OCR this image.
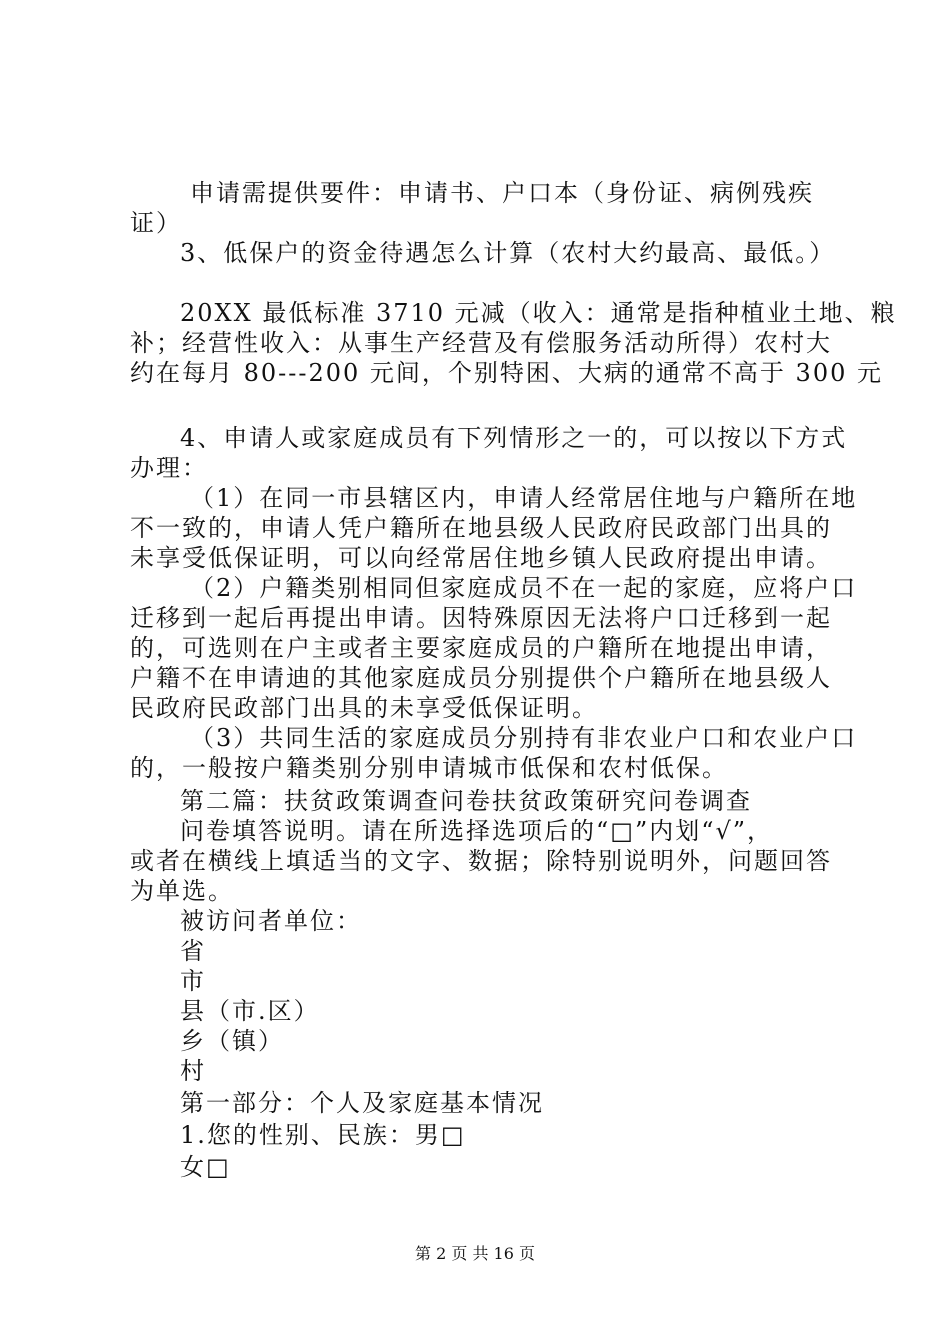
申请需提供要件：申请书、户口本（身份证、病例残疾
证）
3、低保户的资金待遇怎么计算（农村大约最高、最低。）
20XX 最低标准 3710 元减（收入：通常是指种植业土地、粮
补；经营性收入：从事生产经营及有偿服务活动所得）农村大
约在每月 80---200 元间，个别特困、大病的通常不高于 300 元
4、申请人或家庭成员有下列情形之一的，可以按以下方式
办理：
（1）在同一市县辖区内，申请人经常居住地与户籍所在地
不一致的，申请人凭户籍所在地县级人民政府民政部门出具的
未享受低保证明，可以向经常居住地乡镇人民政府提出申请。
（2）户籍类别相同但家庭成员不在一起的家庭，应将户口
迁移到一起后再提出申请。因特殊原因无法将户口迁移到一起
的，可选则在户主或者主要家庭成员的户籍所在地提出申请，
户籍不在申请迪的其他家庭成员分别提供个户籍所在地县级人
民政府民政部门出具的未享受低保证明。
（3）共同生活的家庭成员分别持有非农业户口和农业户口
的，一般按户籍类别分别申请城市低保和农村低保。
第二篇：扶贫政策调查问卷扶贫政策研究问卷调查
问卷填答说明。请在所选择选项后的“□”内划“√”，
或者在横线上填适当的文字、数据；除特别说明外，问题回答
为单选。
被访问者单位：
省
市
县（市.区）
乡（镇）
村
第一部分：个人及家庭基本情况
1.您的性别、民族：男□
女□
第 2 页 共 16 页
